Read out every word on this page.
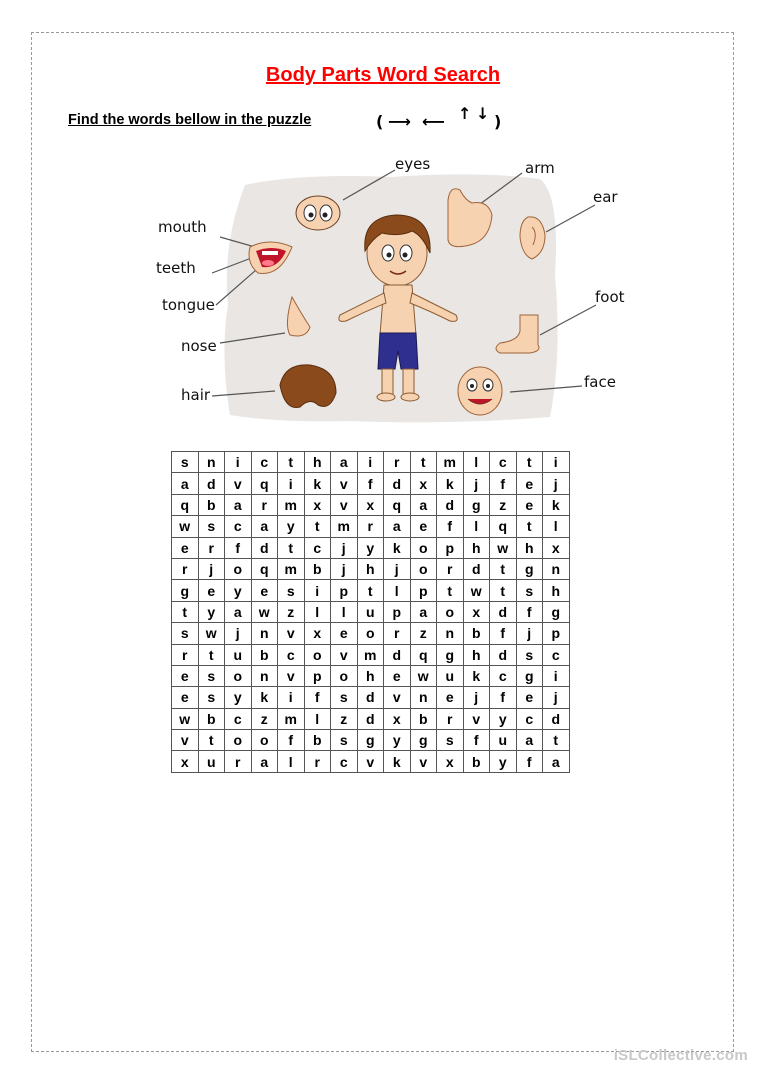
Body Parts Word Search
Find the words bellow in the puzzle	( ⟶ ⟵ ↑ ↓ )
eyes	arm
ear
mouth
teeth
tongue	foot
nose
face
hair
s	n	i	c	t	h	a	i	r	t	m	l	c	t	i
a	d	v	q	i	k	v	f	d	x	k	j	f	e	j
q	b	a	r	m	x	v	x	q	a	d	g	z	e	k
w	s	c	a	y	t	m	r	a	e	f	l	q	t	l
e	r	f	d	t	c	j	y	k	o	p	h	w	h	x
r	j	o	q	m	b	j	h	j	o	r	d	t	g	n
g	e	y	e	s	i	p	t	l	p	t	w	t	s	h
t	y	a	w	z	l	l	u	p	a	o	x	d	f	g
s	w	j	n	v	x	e	o	r	z	n	b	f	j	p
r	t	u	b	c	o	v	m	d	q	g	h	d	s	c
e	s	o	n	v	p	o	h	e	w	u	k	c	g	i
e	s	y	k	i	f	s	d	v	n	e	j	f	e	j
w	b	c	z	m	l	z	d	x	b	r	v	y	c	d
v	t	o	o	f	b	s	g	y	g	s	f	u	a	t
x	u	r	a	l	r	c	v	k	v	x	b	y	f	a
iSLCollective.com
